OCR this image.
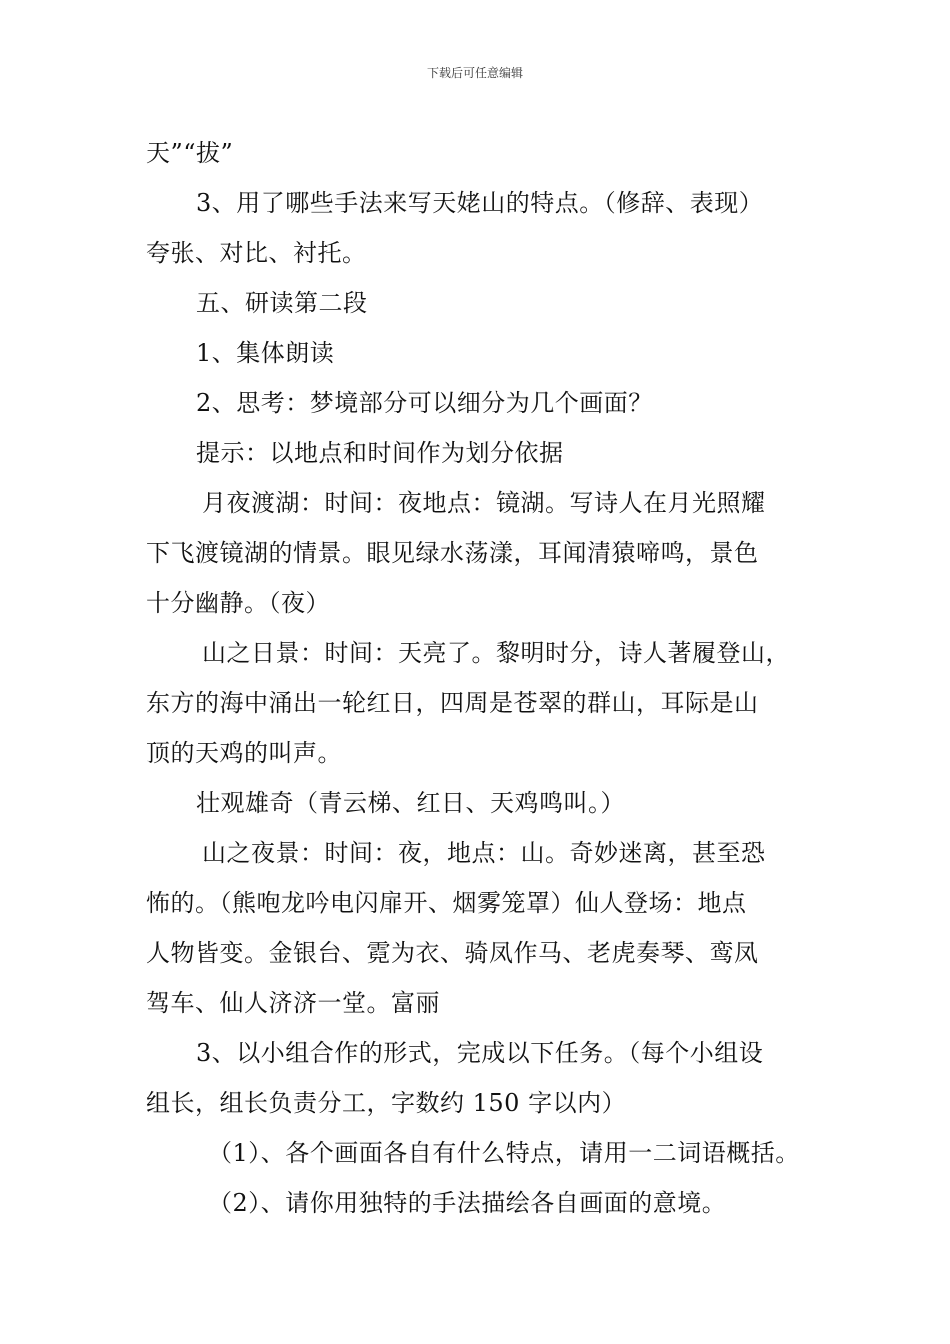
下载后可任意编辑
天”“拔”
3、用了哪些手法来写天姥山的特点。（修辞、表现）
夸张、对比、衬托。
五、研读第二段
1、集体朗读
2、思考：梦境部分可以细分为几个画面？
提示：以地点和时间作为划分依据
月夜渡湖：时间：夜地点：镜湖。写诗人在月光照耀
下飞渡镜湖的情景。眼见绿水荡漾，耳闻清猿啼鸣，景色
十分幽静。（夜）
山之日景：时间：天亮了。黎明时分，诗人著履登山，
东方的海中涌出一轮红日，四周是苍翠的群山，耳际是山
顶的天鸡的叫声。
壮观雄奇（青云梯、红日、天鸡鸣叫。）
山之夜景：时间：夜，地点：山。奇妙迷离，甚至恐
怖的。（熊咆龙吟电闪扉开、烟雾笼罩）仙人登场：地点
人物皆变。金银台、霓为衣、骑凤作马、老虎奏琴、鸾凤
驾车、仙人济济一堂。富丽
3、以小组合作的形式，完成以下任务。（每个小组设
组长，组长负责分工，字数约 150 字以内）
（1）、各个画面各自有什么特点，请用一二词语概括。
（2）、请你用独特的手法描绘各自画面的意境。
